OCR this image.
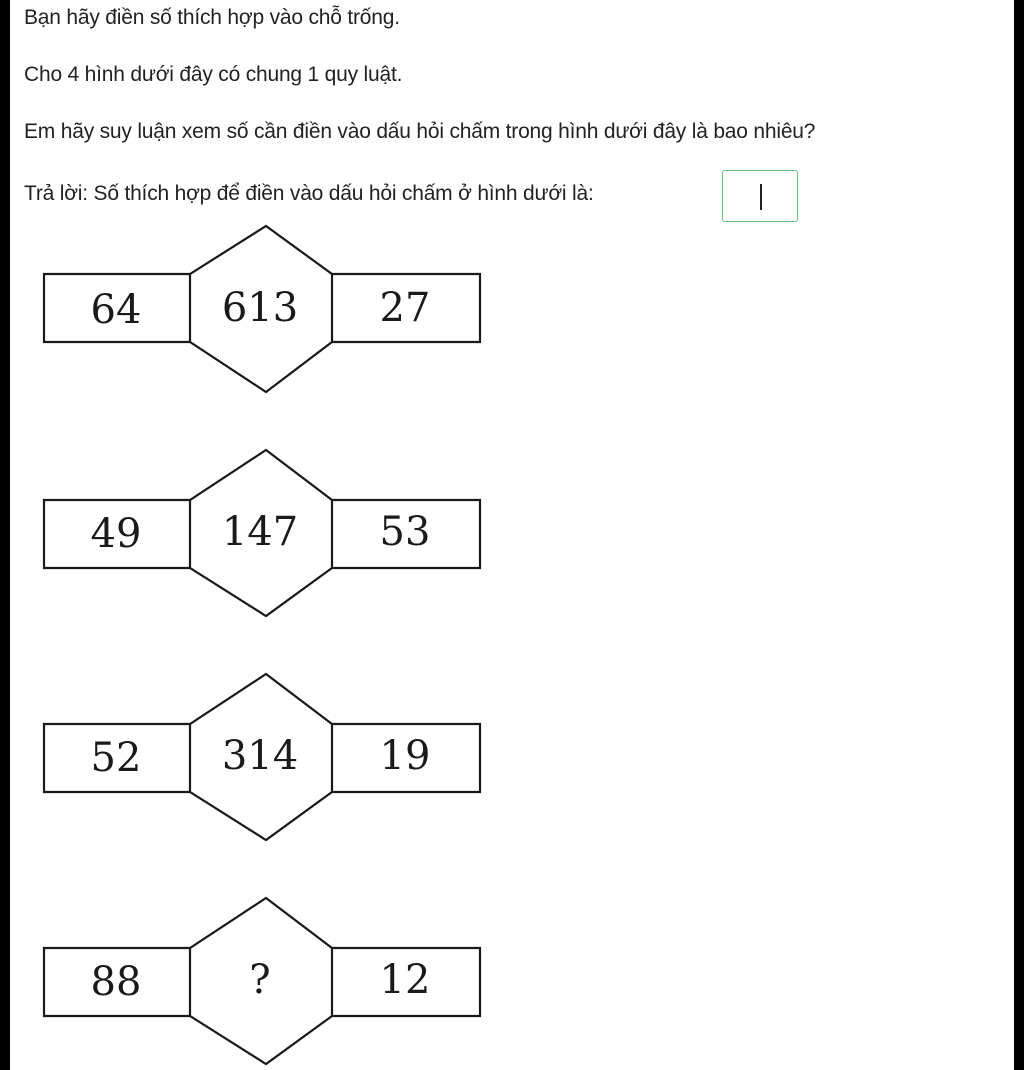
Bạn hãy điền số thích hợp vào chỗ trống.

Cho 4 hình dưới đây có chung 1 quy luật.

Em hãy suy luận xem số cần điền vào dấu hỏi chấm trong hình dưới đây là bao nhiêu?

Trả lời: Số thích hợp để điền vào dấu hỏi chấm ở hình dưới là:

64	613	27
49	147	53
52	314	19
88	?	12
